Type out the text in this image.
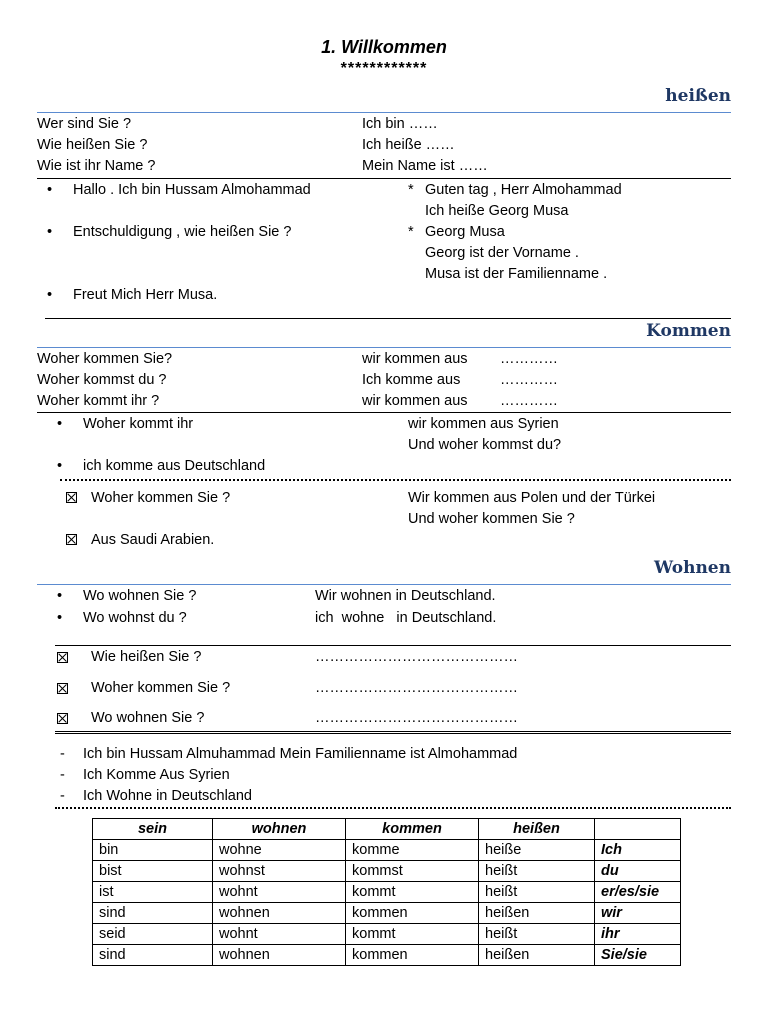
1. Willkommen
************
heißen
Wer sind Sie ?	Ich bin ……
Wie heißen Sie ?	Ich heiße ……
Wie ist ihr Name ?	Mein Name ist ……
• Hallo . Ich bin Hussam Almohammad
• Entschuldigung , wie heißen Sie ?
• Freut Mich Herr Musa.
* Guten tag , Herr Almohammad
Ich heiße Georg Musa
* Georg Musa
Georg ist der Vorname .
Musa ist der Familienname .
Kommen
Woher kommen Sie?	wir kommen aus …………
Woher kommst du ?	Ich komme aus	…………
Woher kommt ihr ?	wir kommen aus …………
• Woher kommt ihr
• ich komme aus Deutschland
wir kommen aus Syrien
Und woher kommst du?
Woher kommen Sie ?
Aus Saudi Arabien.
Wir kommen aus Polen und der Türkei
Und woher kommen Sie ?
Wohnen
• Wo wohnen Sie ?	Wir wohnen in Deutschland.
• Wo wohnst du ?	ich  wohne   in Deutschland.
Wie heißen Sie ?	……………………………………
Woher kommen Sie ?	……………………………………
Wo wohnen Sie ?	……………………………………
- Ich bin Hussam Almuhammad Mein Familienname ist Almohammad
- Ich Komme Aus Syrien
- Ich Wohne in Deutschland
sein	wohnen	kommen	heißen	
bin	wohne	komme	heiße	Ich
bist	wohnst	kommst	heißt	du
ist	wohnt	kommt	heißt	er/es/sie
sind	wohnen	kommen	heißen	wir
seid	wohnt	kommt	heißt	ihr
sind	wohnen	kommen	heißen	Sie/sie
